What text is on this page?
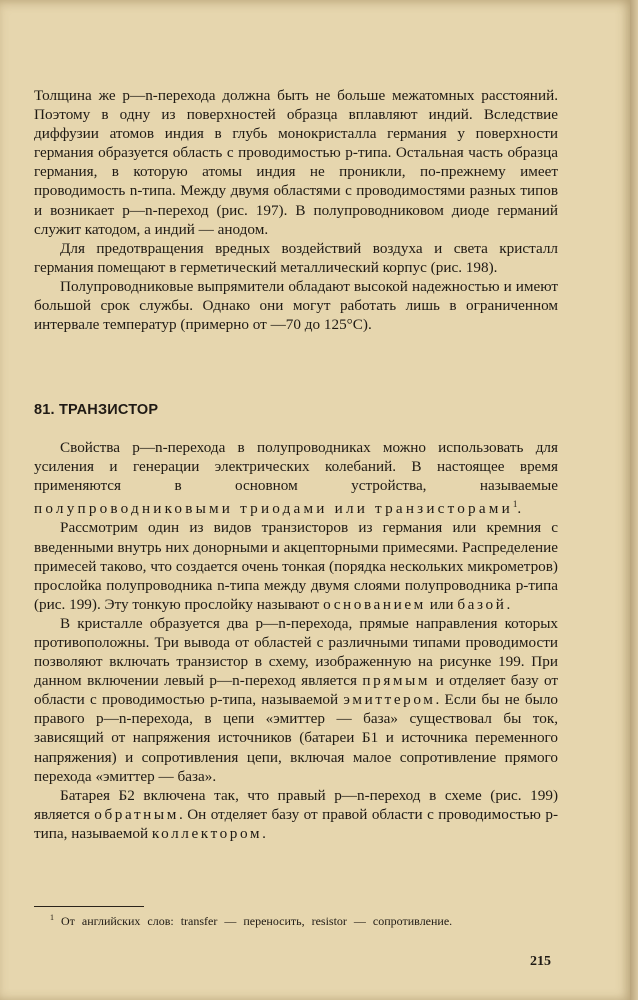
Толщина же p—n-перехода должна быть не больше межатомных расстояний. Поэтому в одну из поверхностей образца вплавляют индий. Вследствие диффузии атомов индия в глубь монокристалла германия у поверхности германия образуется область с проводимостью p-типа. Остальная часть образца германия, в которую атомы индия не проникли, по-прежнему имеет проводимость n-типа. Между двумя областями с проводимостями разных типов и возникает p—n-переход (рис. 197). В полупроводниковом диоде германий служит катодом, а индий — анодом.

Для предотвращения вредных воздействий воздуха и света кристалл германия помещают в герметический металлический корпус (рис. 198).

Полупроводниковые выпрямители обладают высокой надежностью и имеют большой срок службы. Однако они могут работать лишь в ограниченном интервале температур (примерно от —70 до 125°С).

81. ТРАНЗИСТОР

Свойства p—n-перехода в полупроводниках можно использовать для усиления и генерации электрических колебаний. В настоящее время применяются в основном устройства, называемые полупроводниковыми триодами или транзисторами$^1$.

Рассмотрим один из видов транзисторов из германия или кремния с введенными внутрь них донорными и акцепторными примесями. Распределение примесей таково, что создается очень тонкая (порядка нескольких микрометров) прослойка полупроводника n-типа между двумя слоями полупроводника p-типа (рис. 199). Эту тонкую прослойку называют основанием или базой.

В кристалле образуется два p—n-перехода, прямые направления которых противоположны. Три вывода от областей с различными типами проводимости позволяют включать транзистор в схему, изображенную на рисунке 199. При данном включении левый p—n-переход является прямым и отделяет базу от области с проводимостью p-типа, называемой эмиттером. Если бы не было правого p—n-перехода, в цепи «эмиттер — база» существовал бы ток, зависящий от напряжения источников (батареи Б1 и источника переменного напряжения) и сопротивления цепи, включая малое сопротивление прямого перехода «эмиттер — база».

Батарея Б2 включена так, что правый p—n-переход в схеме (рис. 199) является обратным. Он отделяет базу от правой области с проводимостью p-типа, называемой коллектором.

$^1$ От английских слов: transfer — переносить, resistor — сопротивление.
215
